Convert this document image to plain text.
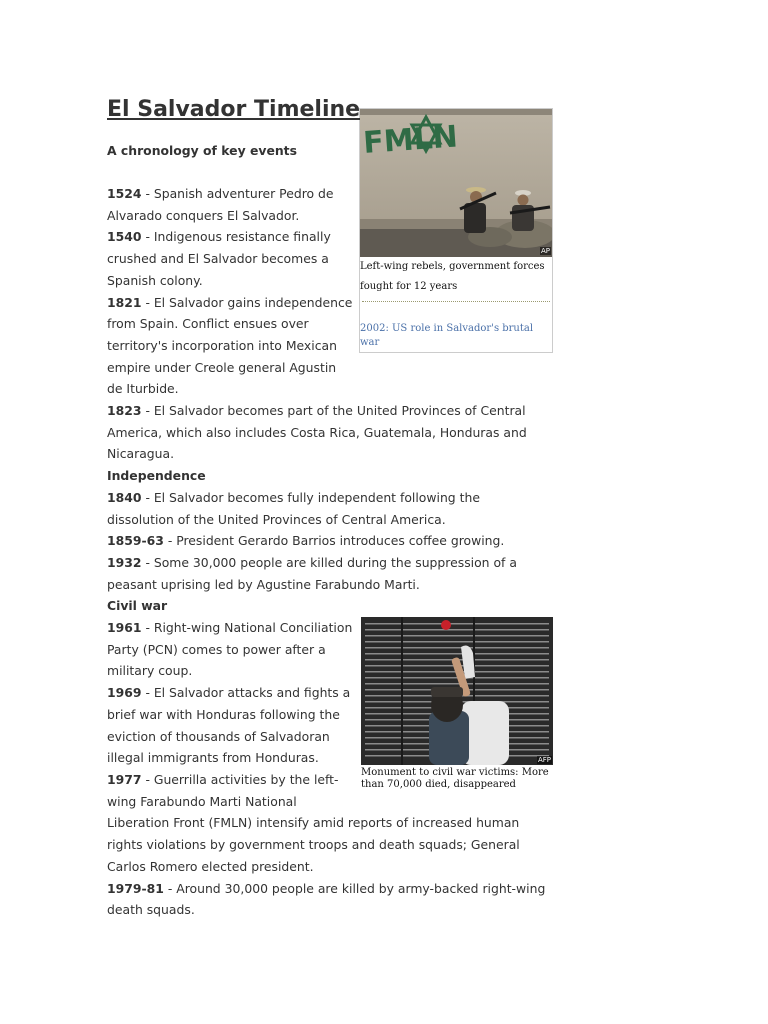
El Salvador Timeline
FMLN
AP
Left-wing rebels, government forces fought for 12 years
2002: US role in Salvador's brutal war
A chronology of key events
1524 - Spanish adventurer Pedro de Alvarado conquers El Salvador.
1540 - Indigenous resistance finally crushed and El Salvador becomes a Spanish colony.
1821 - El Salvador gains independence from Spain. Conflict ensues over territory's incorporation into Mexican empire under Creole general Agustin de Iturbide.
1823 - El Salvador becomes part of the United Provinces of Central America, which also includes Costa Rica, Guatemala, Honduras and Nicaragua.
Independence
1840 - El Salvador becomes fully independent following the dissolution of the United Provinces of Central America.
1859-63 - President Gerardo Barrios introduces coffee growing.
1932 - Some 30,000 people are killed during the suppression of a peasant uprising led by Agustine Farabundo Marti.
Civil war
AFP
Monument to civil war victims: More than 70,000 died, disappeared
1961 - Right-wing National Conciliation Party (PCN) comes to power after a military coup.
1969 - El Salvador attacks and fights a brief war with Honduras following the eviction of thousands of Salvadoran illegal immigrants from Honduras.
1977 - Guerrilla activities by the left-wing Farabundo Marti National Liberation Front (FMLN) intensify amid reports of increased human rights violations by government troops and death squads; General Carlos Romero elected president.
1979-81 - Around 30,000 people are killed by army-backed right-wing death squads.
